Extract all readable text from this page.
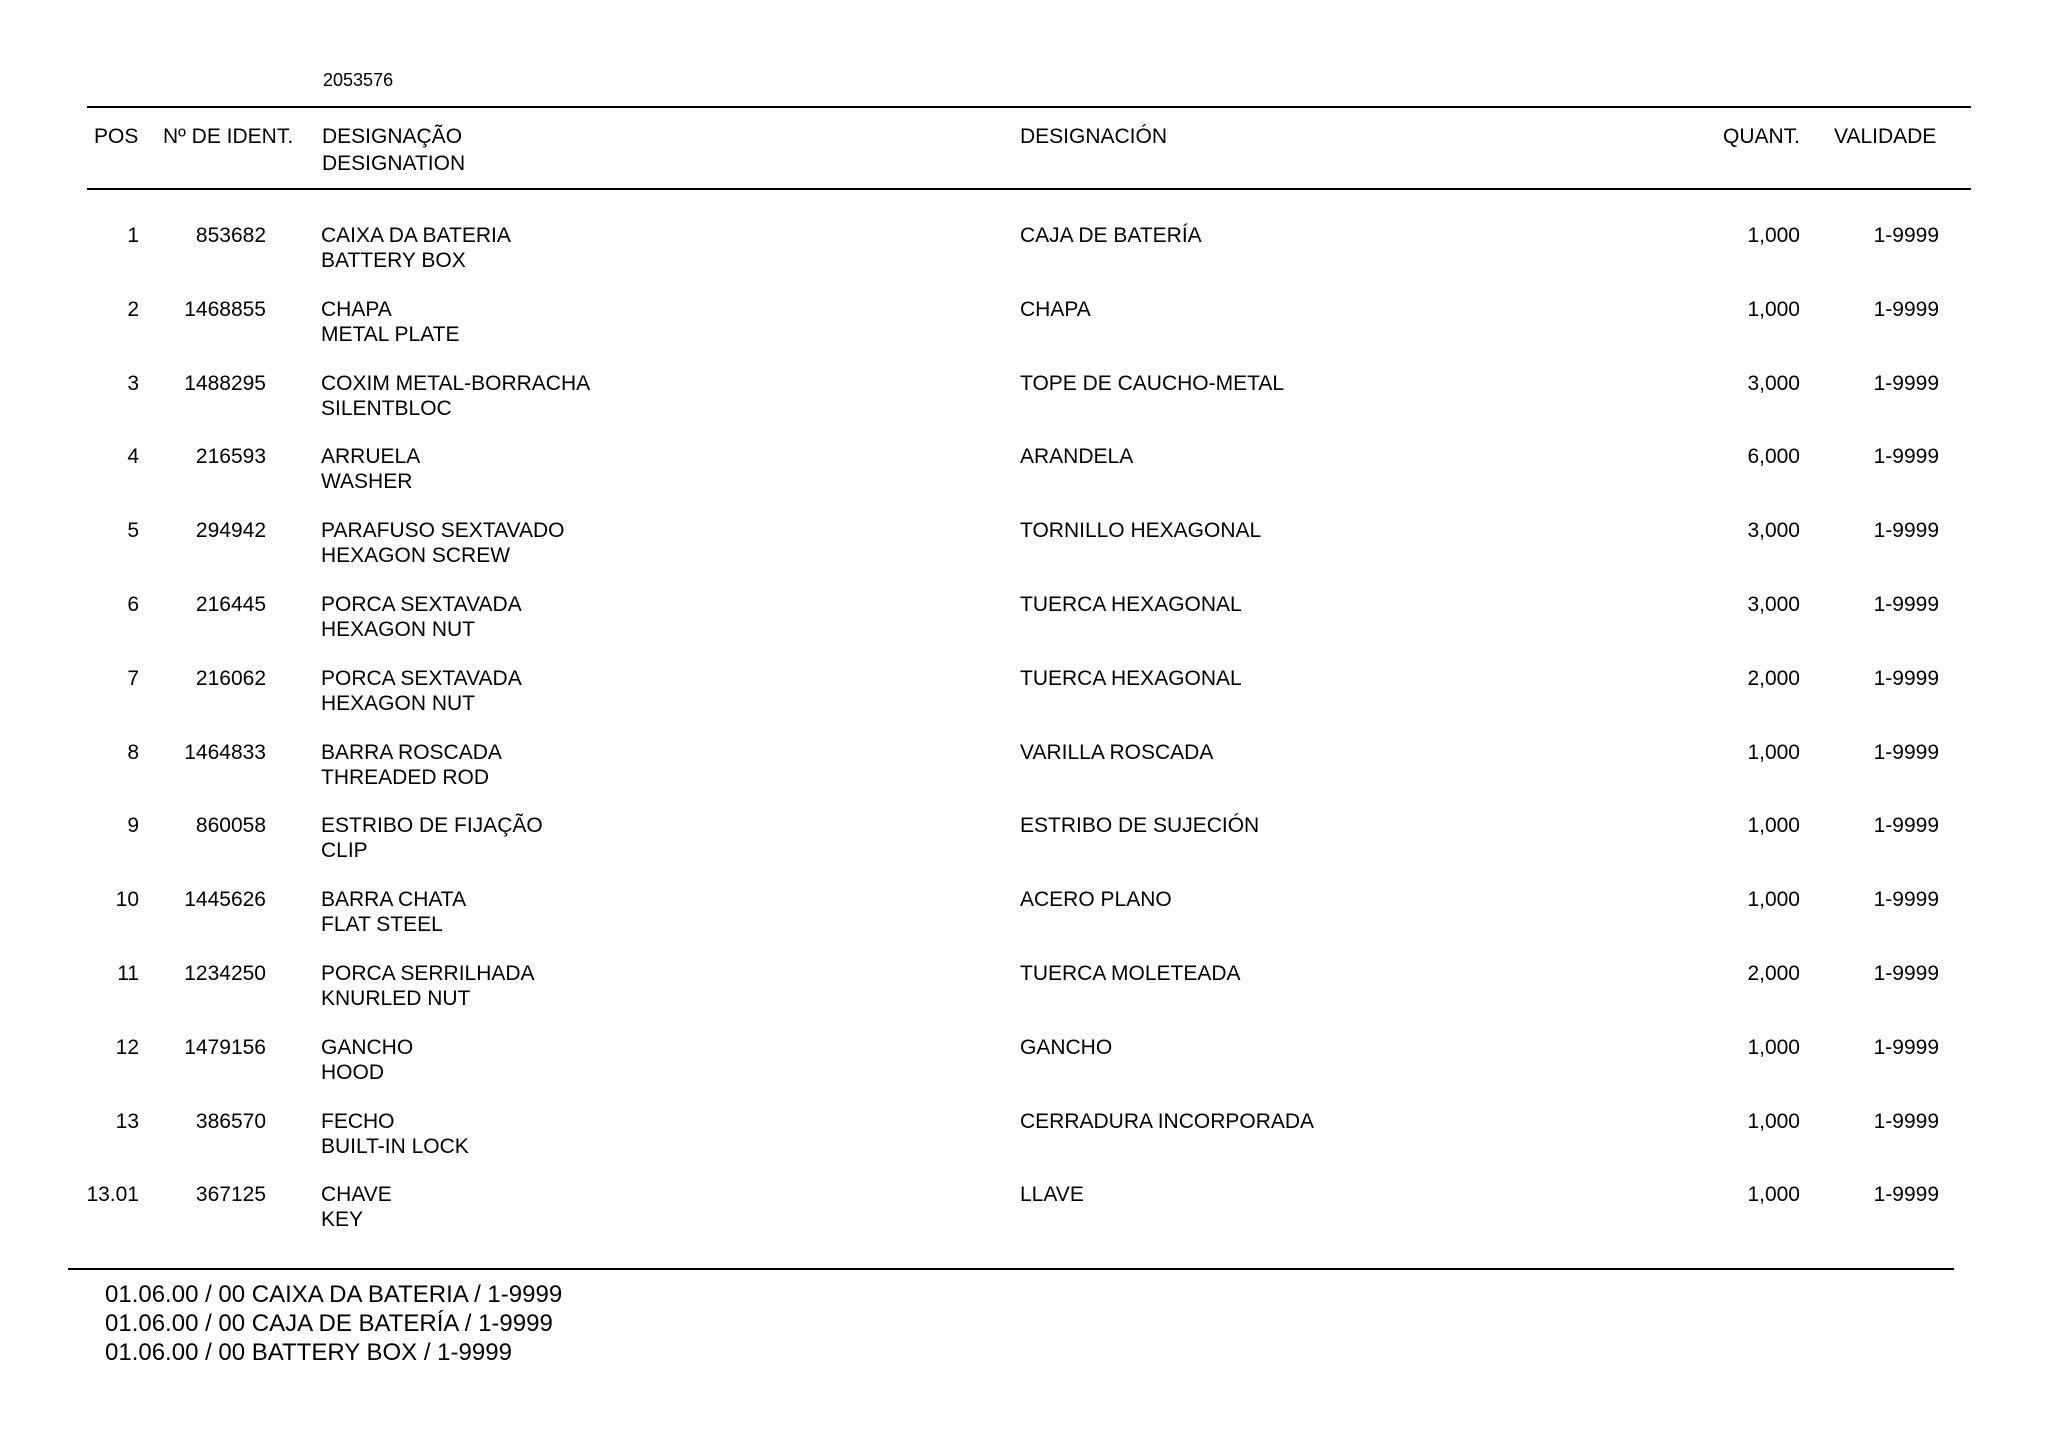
2053576
POS Nº DE IDENT. DESIGNAÇÃO
DESIGNATION
DESIGNACIÓN	QUANT. VALIDADE
1	853682	CAIXA DA BATERIA
BATTERY BOX
CAJA DE BATERÍA	1,000	1-9999
2 1468855	CHAPA
METAL PLATE
CHAPA	1,000	1-9999
3 1488295	COXIM METAL-BORRACHA
SILENTBLOC
TOPE DE CAUCHO-METAL	3,000	1-9999
4	216593	ARRUELA
WASHER
ARANDELA	6,000	1-9999
5	294942	PARAFUSO SEXTAVADO
HEXAGON SCREW
TORNILLO HEXAGONAL	3,000	1-9999
6	216445	PORCA SEXTAVADA
HEXAGON NUT
TUERCA HEXAGONAL	3,000	1-9999
7	216062	PORCA SEXTAVADA
HEXAGON NUT
TUERCA HEXAGONAL	2,000	1-9999
8 1464833	BARRA ROSCADA
THREADED ROD
VARILLA ROSCADA	1,000	1-9999
9	860058	ESTRIBO DE FIJAÇÃO
CLIP
ESTRIBO DE SUJECIÓN	1,000	1-9999
10 1445626	BARRA CHATA
FLAT STEEL
ACERO PLANO	1,000	1-9999
11 1234250	PORCA SERRILHADA
KNURLED NUT
TUERCA MOLETEADA	2,000	1-9999
12 1479156	GANCHO
HOOD
GANCHO	1,000	1-9999
13	386570	FECHO
BUILT-IN LOCK
CERRADURA INCORPORADA	1,000	1-9999
13.01	367125	CHAVE
KEY
LLAVE	1,000	1-9999
01.06.00 / 00 CAIXA DA BATERIA / 1-9999
01.06.00 / 00 CAJA DE BATERÍA / 1-9999
01.06.00 / 00 BATTERY BOX / 1-9999
